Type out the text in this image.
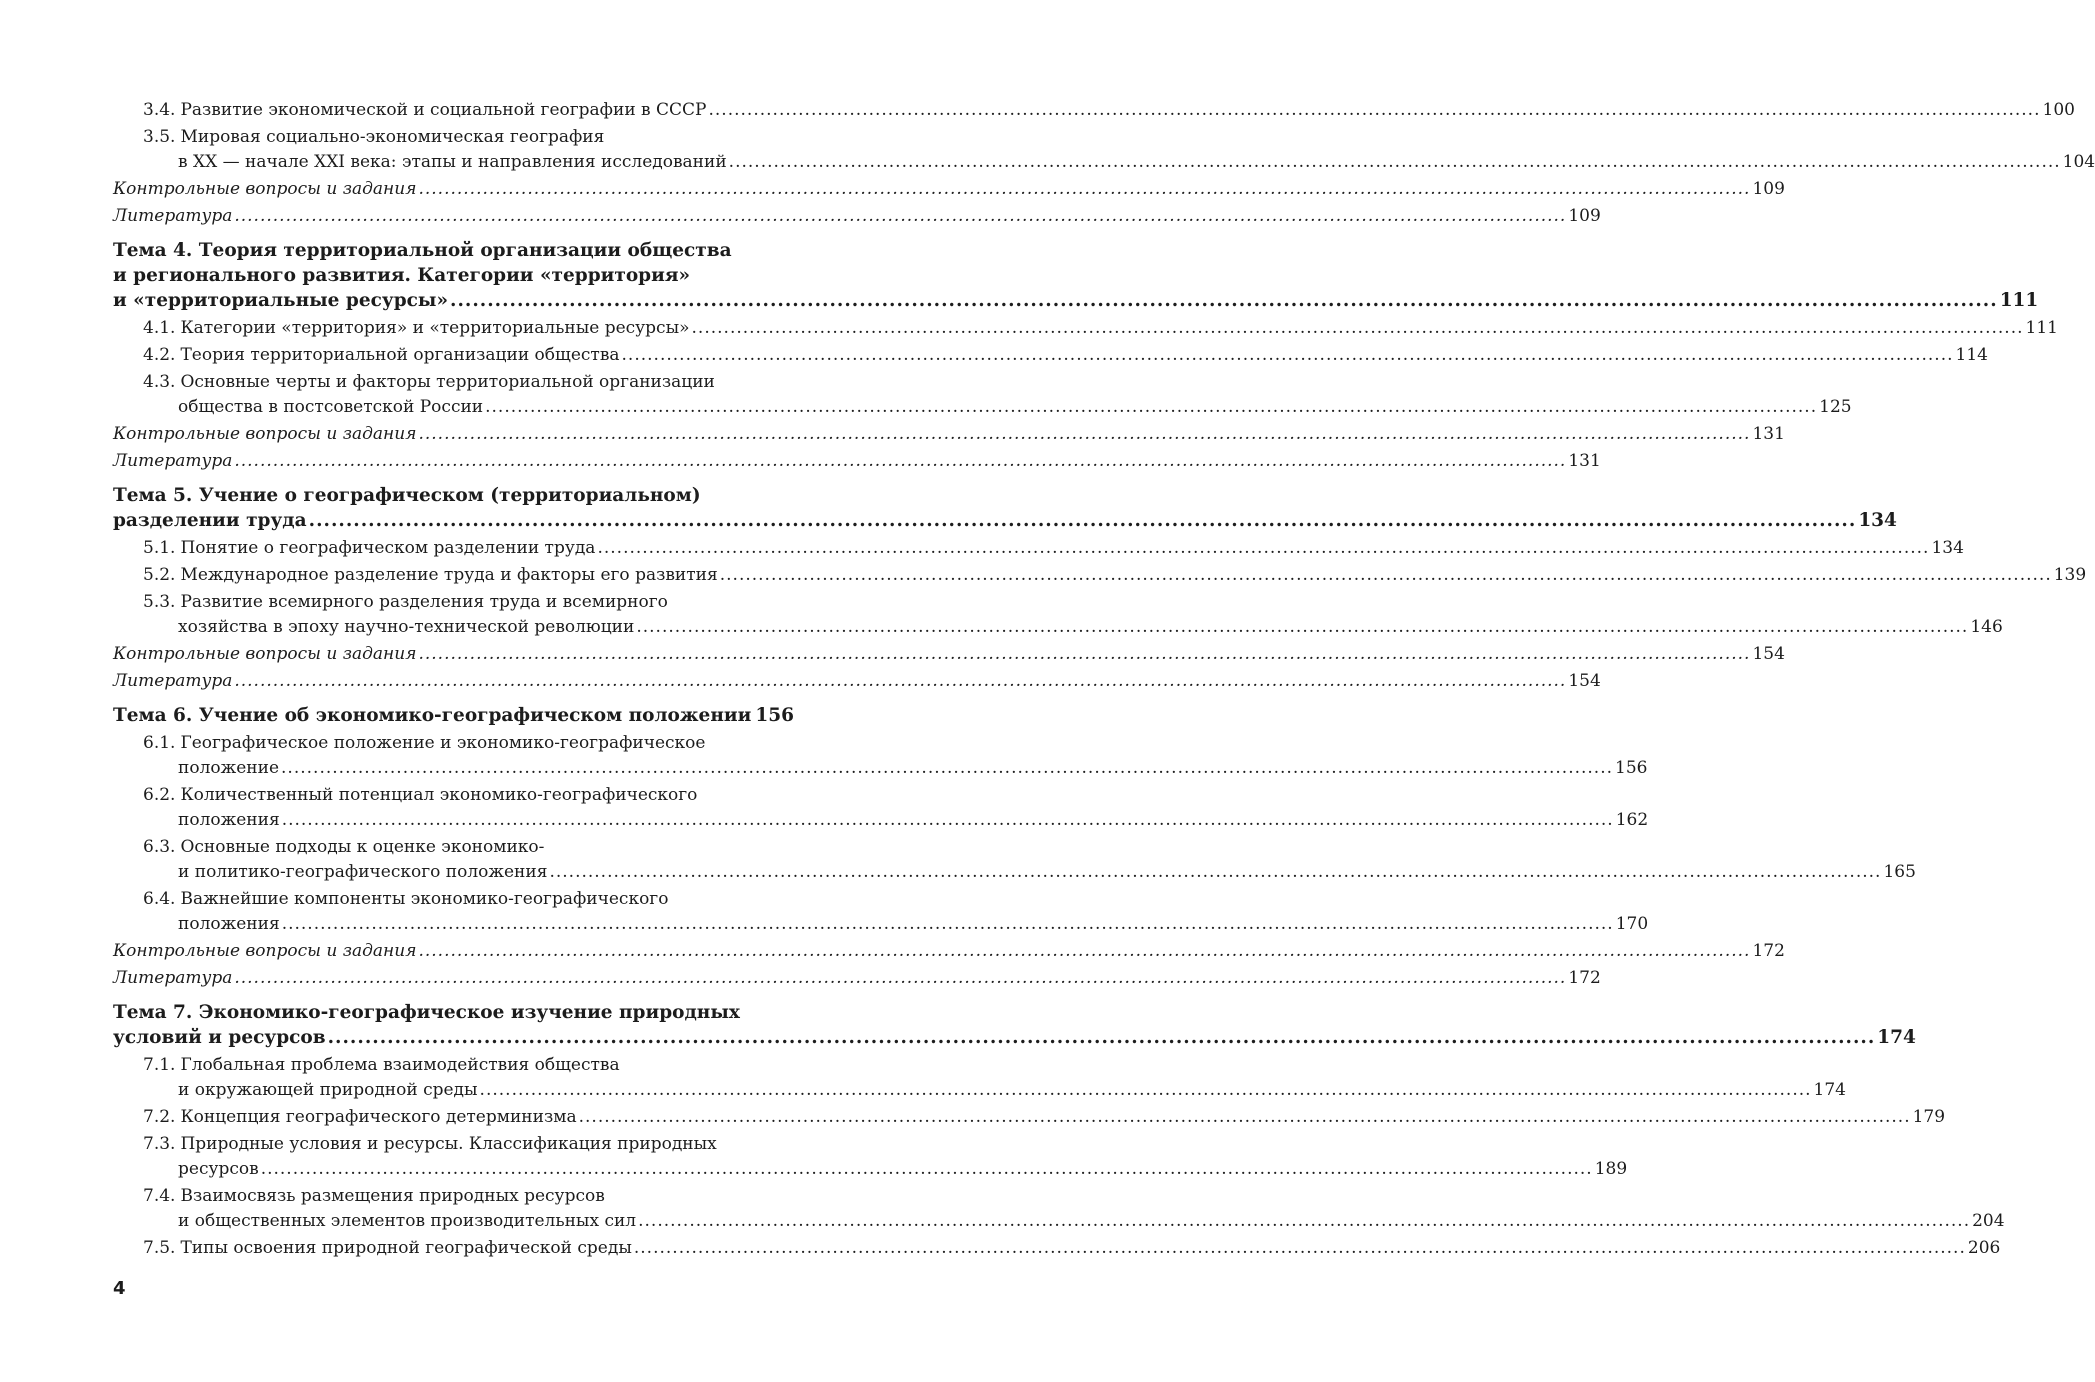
3.4. Развитие экономической и социальной географии в СССР .....	100
3.5. Мировая социально-экономическая география
в XX — начале XXI века: этапы и направления исследований .....	104
Контрольные вопросы и задания .....	109
Литература .....	109
Тема 4. Теория территориальной организации общества
и регионального развития. Категории «территория»
и «территориальные ресурсы» .....	111
4.1. Категории «территория» и «территориальные ресурсы» .....	111
4.2. Теория территориальной организации общества .....	114
4.3. Основные черты и факторы территориальной организации
общества в постсоветской России .....	125
Контрольные вопросы и задания .....	131
Литература .....	131
Тема 5. Учение о географическом (территориальном)
разделении труда .....	134
5.1. Понятие о географическом разделении труда .....	134
5.2. Международное разделение труда и факторы его развития .....	139
5.3. Развитие всемирного разделения труда и всемирного
хозяйства в эпоху научно-технической революции .....	146
Контрольные вопросы и задания .....	154
Литература .....	154
Тема 6. Учение об экономико-географическом положении 156
6.1. Географическое положение и экономико-географическое
положение .....	156
6.2. Количественный потенциал экономико-географического
положения .....	162
6.3. Основные подходы к оценке экономико-
и политико-географического положения .....	165
6.4. Важнейшие компоненты экономико-географического
положения .....	170
Контрольные вопросы и задания .....	172
Литература .....	172
Тема 7. Экономико-географическое изучение природных
условий и ресурсов .....	174
7.1. Глобальная проблема взаимодействия общества
и окружающей природной среды .....	174
7.2. Концепция географического детерминизма .....	179
7.3. Природные условия и ресурсы. Классификация природных
ресурсов .....	189
7.4. Взаимосвязь размещения природных ресурсов
и общественных элементов производительных сил .....	204
7.5. Типы освоения природной географической среды .....	206
4
